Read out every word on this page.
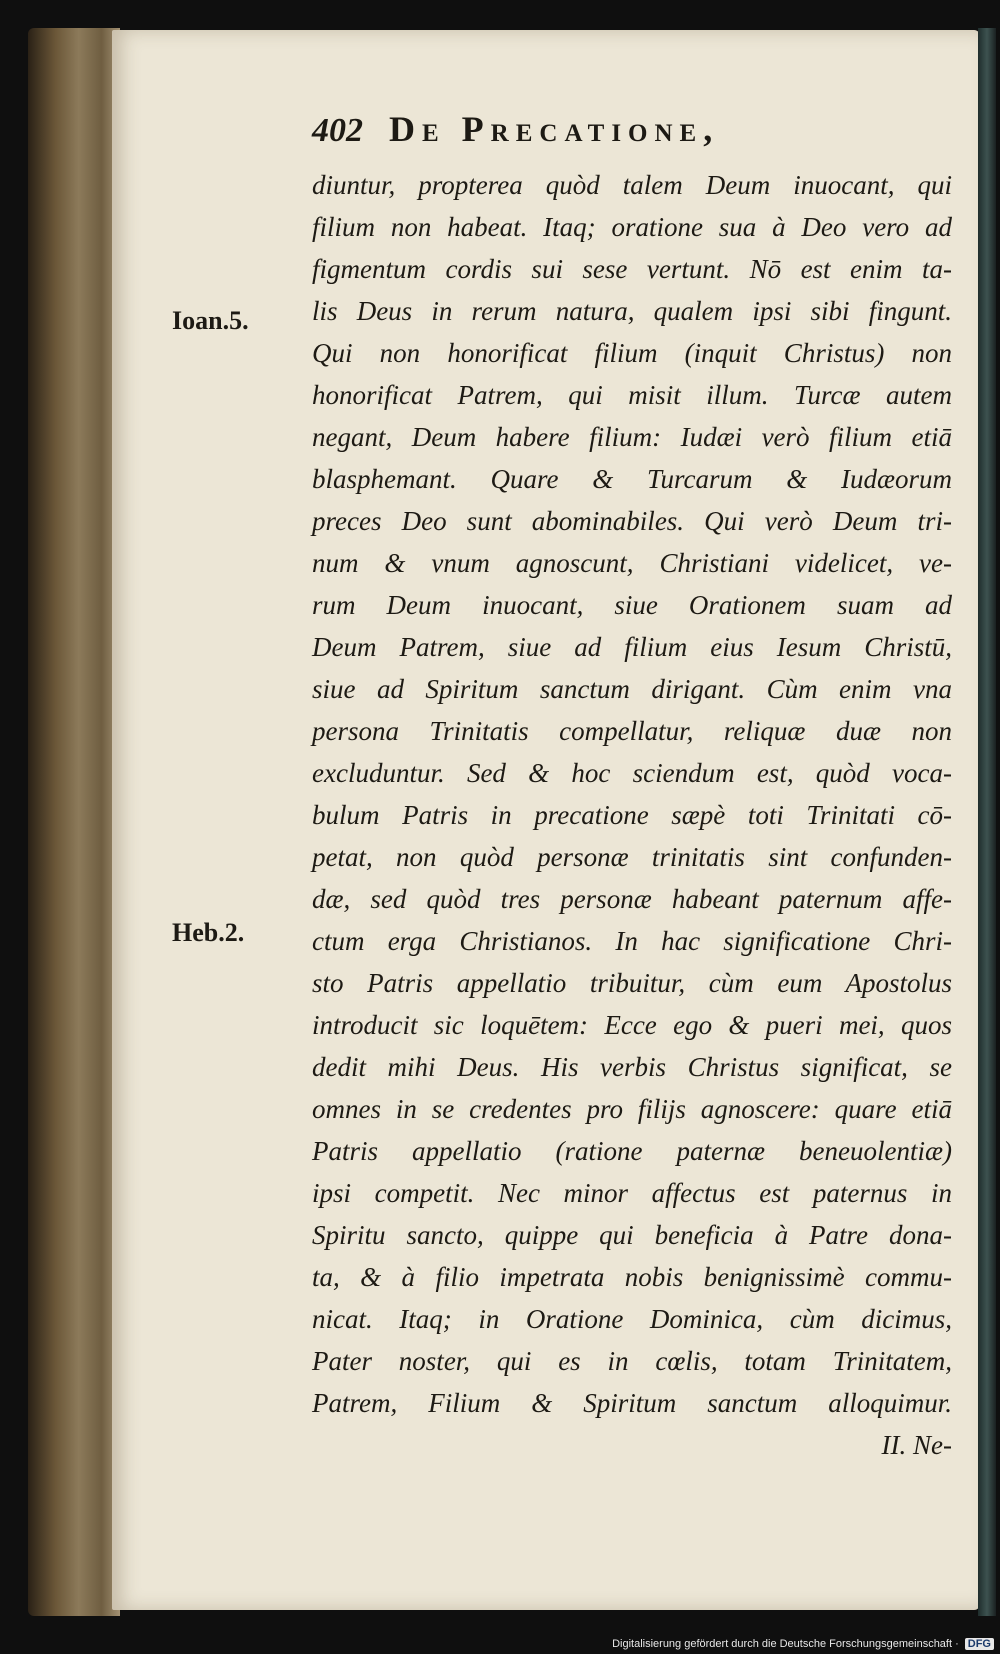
402 De Precatione,
Ioan.5.
Heb.2.
diuntur, propterea quòd talem Deum inuocant, qui
filium non habeat. Itaq; oratione sua à Deo vero ad
figmentum cordis sui sese vertunt. Nō est enim ta-
lis Deus in rerum natura, qualem ipsi sibi fingunt.
Qui non honorificat filium (inquit Christus) non
honorificat Patrem, qui misit illum. Turcæ autem
negant, Deum habere filium: Iudæi verò filium etiā
blasphemant. Quare & Turcarum & Iudæorum
preces Deo sunt abominabiles. Qui verò Deum tri-
num & vnum agnoscunt, Christiani videlicet, ve-
rum Deum inuocant, siue Orationem suam ad
Deum Patrem, siue ad filium eius Iesum Christū,
siue ad Spiritum sanctum dirigant. Cùm enim vna
persona Trinitatis compellatur, reliquæ duæ non
excluduntur. Sed & hoc sciendum est, quòd voca-
bulum Patris in precatione sæpè toti Trinitati cō-
petat, non quòd personæ trinitatis sint confunden-
dæ, sed quòd tres personæ habeant paternum affe-
ctum erga Christianos. In hac significatione Chri-
sto Patris appellatio tribuitur, cùm eum Apostolus
introducit sic loquētem: Ecce ego & pueri mei, quos
dedit mihi Deus. His verbis Christus significat, se
omnes in se credentes pro filijs agnoscere: quare etiā
Patris appellatio (ratione paternæ beneuolentiæ)
ipsi competit. Nec minor affectus est paternus in
Spiritu sancto, quippe qui beneficia à Patre dona-
ta, & à filio impetrata nobis benignissimè commu-
nicat. Itaq; in Oratione Dominica, cùm dicimus,
Pater noster, qui es in cœlis, totam Trinitatem,
Patrem, Filium & Spiritum sanctum alloquimur.
II. Ne-
Digitalisierung gefördert durch die Deutsche Forschungsgemeinschaft · DFG
